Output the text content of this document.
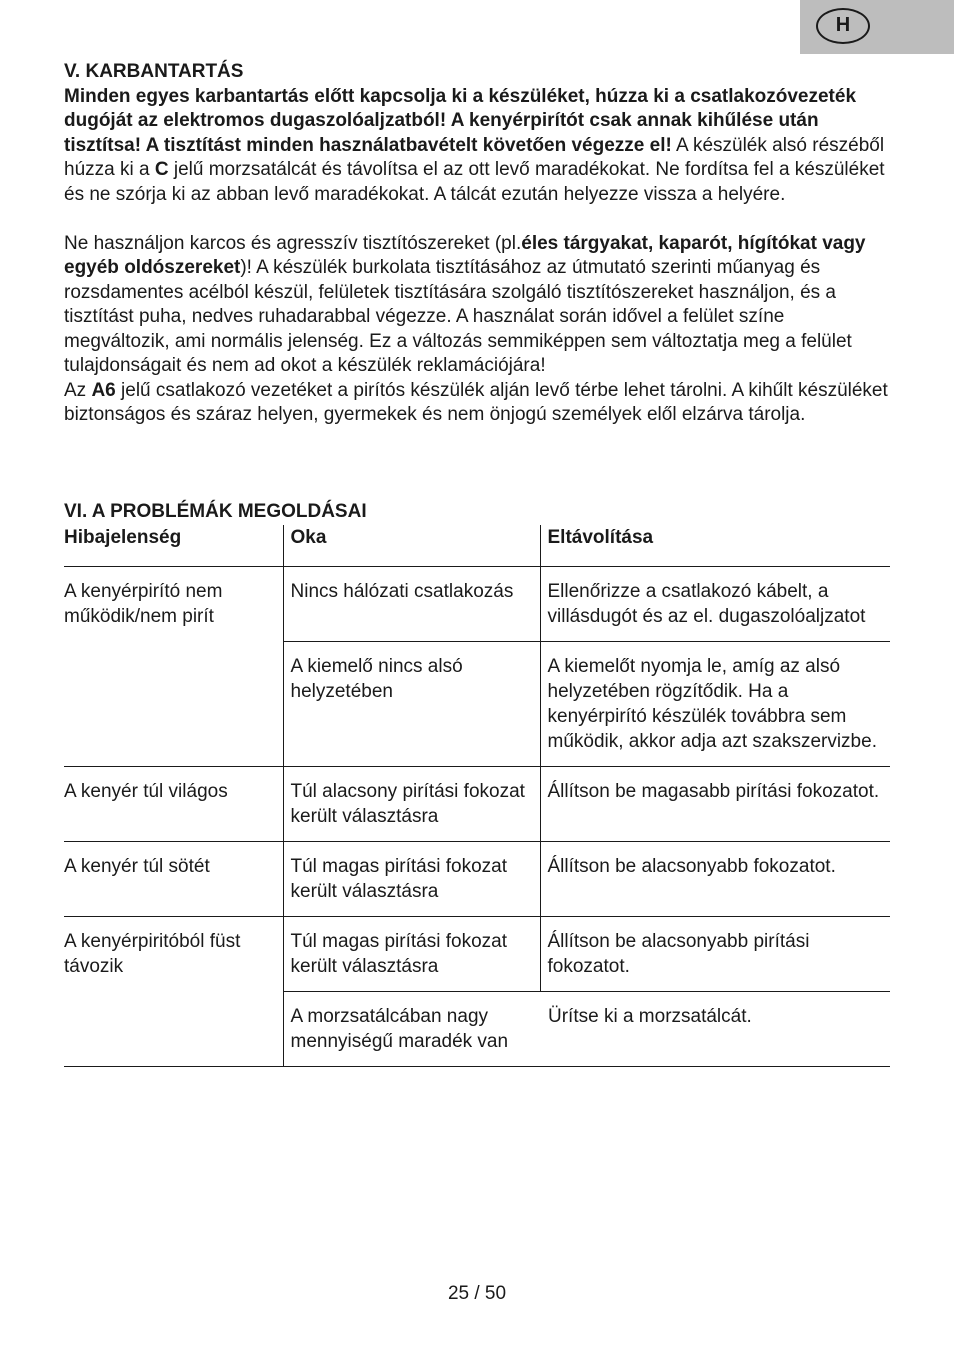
H
V. KARBANTARTÁS
Minden egyes karbantartás előtt kapcsolja ki a készüléket, húzza ki a csatlakozóvezeték dugóját az elektromos dugaszolóaljzatból! A kenyérpirítót csak annak kihűlése után tisztítsa! A tisztítást minden használatbavételt követően végezze el! A készülék alsó részéből húzza ki a C jelű morzsatálcát és távolítsa el az ott levő maradékokat. Ne fordítsa fel a készüléket és ne szórja ki az abban levő maradékokat. A tálcát ezután helyezze vissza a helyére.
Ne használjon karcos és agresszív tisztítószereket (pl.éles tárgyakat, kaparót, hígítókat vagy egyéb oldószereket)! A készülék burkolata tisztításához az útmutató szerinti műanyag és rozsdamentes acélból készül, felületek tisztítására szolgáló tisztítószereket használjon, és a tisztítást puha, nedves ruhadarabbal végezze. A használat során idővel a felület színe megváltozik, ami normális jelenség. Ez a változás semmiképpen sem változtatja meg a felület tulajdonságait és nem ad okot a készülék reklamációjára!
Az A6 jelű csatlakozó vezetéket a pirítós készülék alján levő térbe lehet tárolni. A kihűlt készüléket biztonságos és száraz helyen, gyermekek és nem önjogú személyek elől elzárva tárolja.
VI. A PROBLÉMÁK MEGOLDÁSAI
Hibajelenség	Oka	Eltávolítása
A kenyérpirító nem működik/nem pirít	Nincs hálózati csatlakozás	Ellenőrizze a csatlakozó kábelt, a villásdugót és az el. dugaszolóaljzatot
	A kiemelő nincs alsó helyzetében	A kiemelőt nyomja le, amíg az alsó helyzetében rögzítődik. Ha a kenyérpirító készülék továbbra sem működik, akkor adja azt szakszervizbe.
A kenyér túl világos	Túl alacsony pirítási fokozat került választásra	Állítson be magasabb pirítási fokozatot.
A kenyér túl sötét	Túl magas pirítási fokozat került választásra	Állítson be alacsonyabb fokozatot.
A kenyérpiritóból füst távozik	Túl magas pirítási fokozat került választásra	Állítson be alacsonyabb pirítási fokozatot.
	A morzsatálcában nagy mennyiségű maradék van	Ürítse ki a morzsatálcát.
25 / 50
